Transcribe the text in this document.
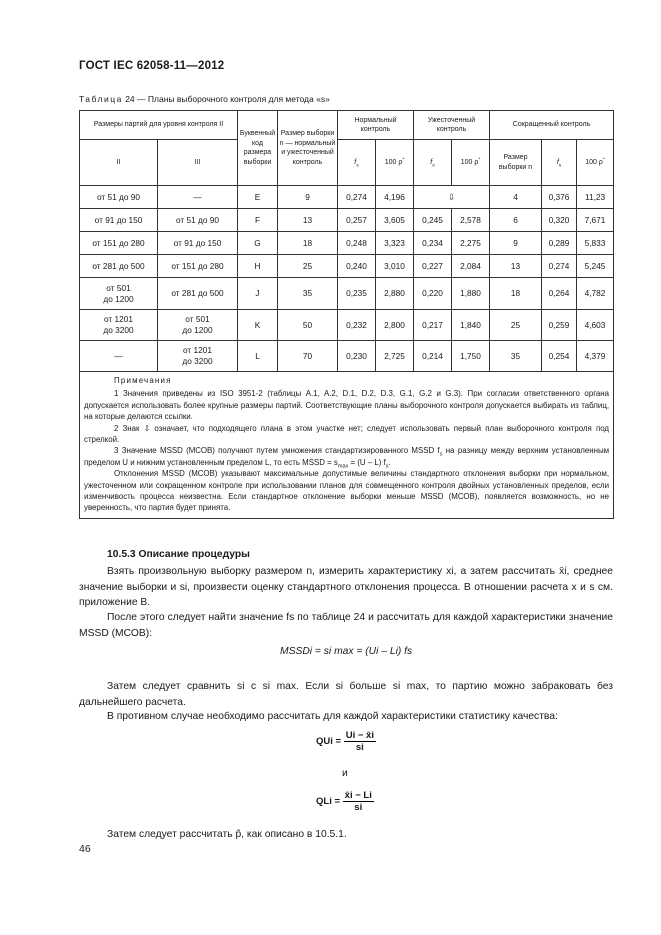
ГОСТ IEC 62058-11—2012
Таблица 24 — Планы выборочного контроля для метода «s»
Размеры партий для уровня контроля II		Буквенный код размера выборки	Размер выборки n — нормальный и ужесточенный контроль	Нормальный контроль		Ужесточенный контроль		Сокращенный контроль		
II	III			$f_s$	100 ρ*	$f_s$	100 ρ*	Размер выборки n	$f_s$	100 ρ*
от 51 до 90	—	E	9	0,274	4,196	⇩		4	0,376	11,23
от 91 до 150	от 51 до 90	F	13	0,257	3,605	0,245	2,578	6	0,320	7,671
от 151 до 280	от 91 до 150	G	18	0,248	3,323	0,234	2,275	9	0,289	5,833
от 281 до 500	от 151 до 280	H	25	0,240	3,010	0,227	2,084	13	0,274	5,245
от 501
до 1200	от 281 до 500	J	35	0,235	2,880	0,220	1,880	18	0,264	4,782
от 1201
до 3200	от 501
до 1200	K	50	0,232	2,800	0,217	1,840	25	0,259	4,603
—	от 1201
до 3200	L	70	0,230	2,725	0,214	1,750	35	0,254	4,379

Примечания

1 Значения приведены из ISO 3951-2 (таблицы A.1, A.2, D.1, D.2, D.3, G.1, G.2 и G.3). При согласии ответственного органа допускается использовать более крупные размеры партий. Соответствующие планы выборочного контроля допускается выбирать из таблиц, на которые делаются ссылки.

2 Знак ⇩ означает, что подходящего плана в этом участке нет; следует использовать первый план выборочного контроля под стрелкой.

3 Значение MSSD (МСОВ) получают путем умножения стандартизированного MSSD $f_s$ на разницу между верхним установленным пределом U и нижним установленным пределом L, то есть MSSD = $s_{max} = (U - L)$ $f_s$.

Отклонения MSSD (МСОВ) указывают максимальные допустимые величины стандартного отклонения выборки при нормальном, ужесточенном или сокращенном контроле при использовании планов для совмещенного контроля двойных установленных пределов, если изменчивость процесса неизвестна. Если стандартное отклонение выборки меньше MSSD (МСОВ), появляется возможность, но не уверенность, что партия будет принята.										

10.5.3 Описание процедуры

Взять произвольную выборку размером n, измерить характеристику xi, а затем рассчитать x̄i, среднее значение выборки и si, произвести оценку стандартного отклонения процесса. В отношении расчета x и s см. приложение В.

После этого следует найти значение fs по таблице 24 и рассчитать для каждой характеристики значение MSSD (МСОВ):

MSSDi = si max = (Ui – Li) fs

Затем следует сравнить si с si max. Если si больше si max, то партию можно забраковать без дальнейшего расчета.

В противном случае необходимо рассчитать для каждой характеристики статистику качества:

QUi = $\frac{Ui - x̄i}{si}$
и
QLi = $\frac{x̄i - Li}{si}$

Затем следует рассчитать p̂, как описано в 10.5.1.

46
